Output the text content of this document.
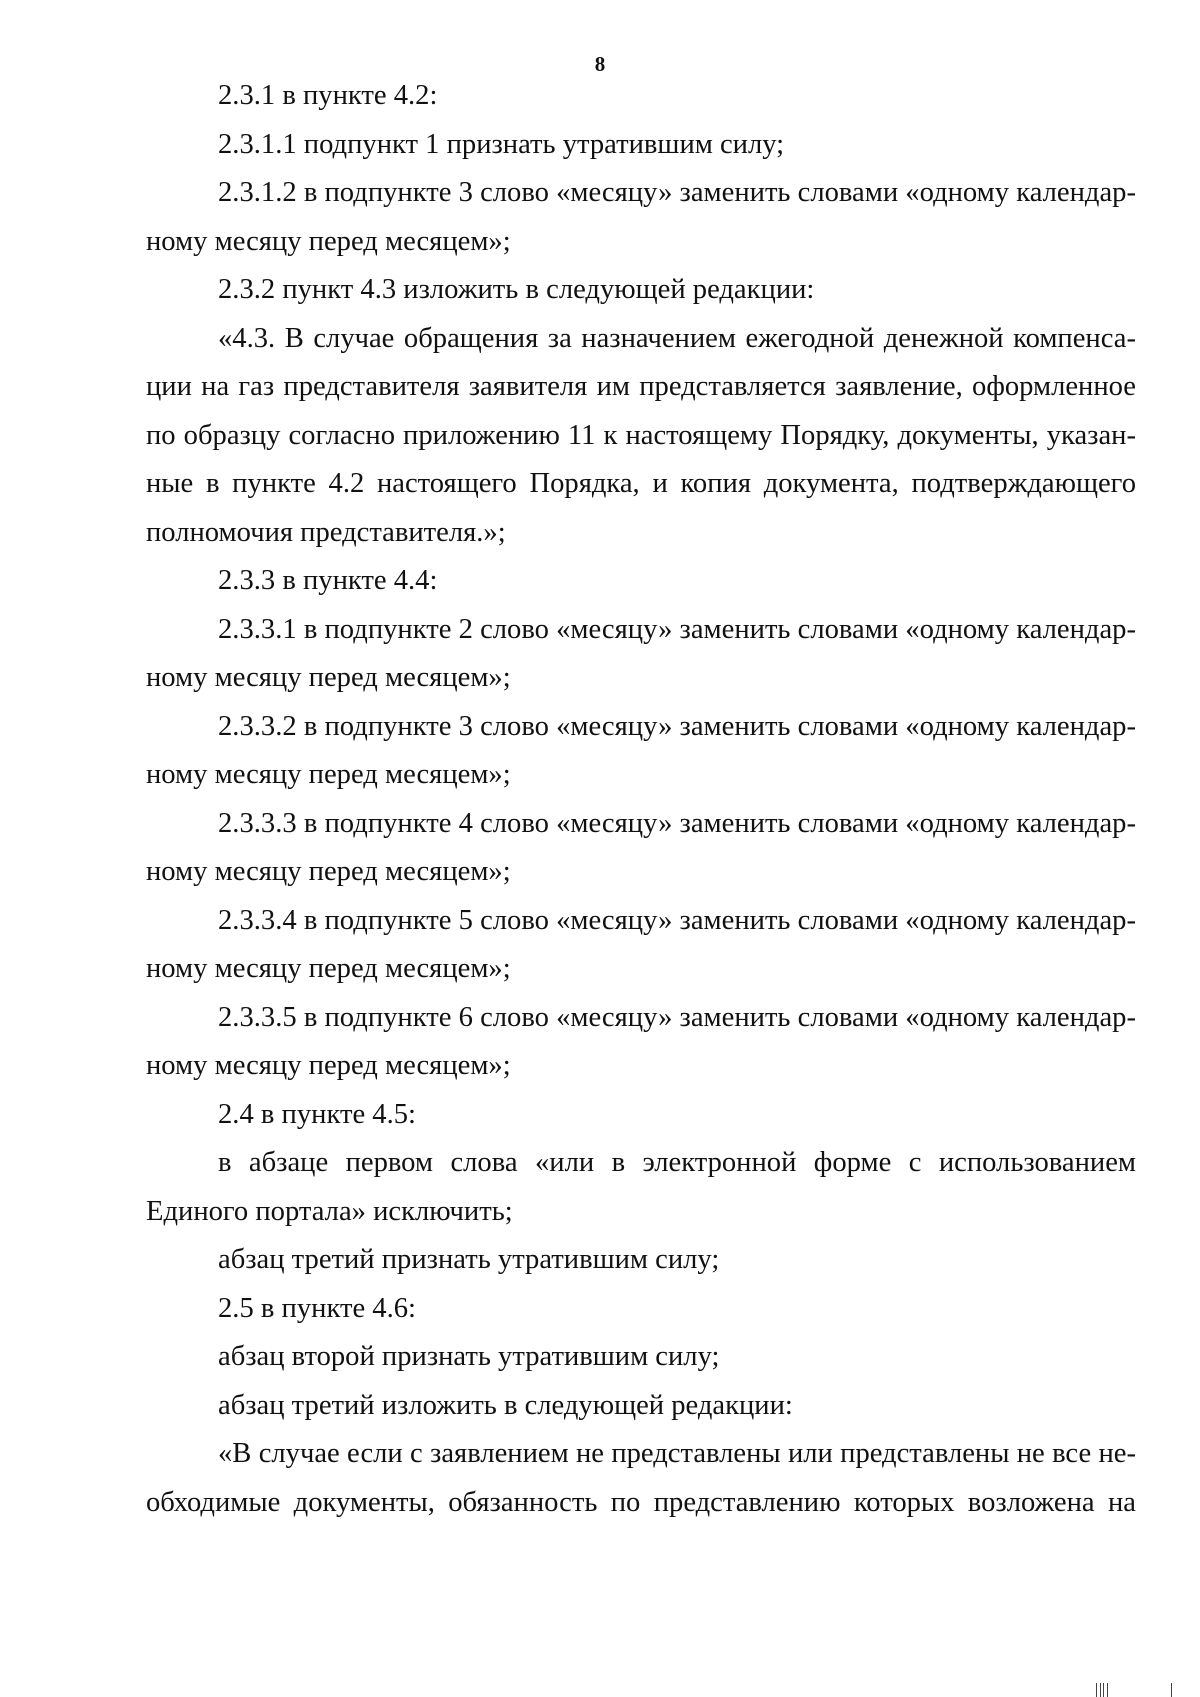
8

2.3.1 в пункте 4.2:

2.3.1.1 подпункт 1 признать утратившим силу;

2.3.1.2 в подпункте 3 слово «месяцу» заменить словами «одному календарному месяцу перед месяцем»;

2.3.2 пункт 4.3 изложить в следующей редакции:

«4.3. В случае обращения за назначением ежегодной денежной компенсации на газ представителя заявителя им представляется заявление, оформленное по образцу согласно приложению 11 к настоящему Порядку, документы, указанные в пункте 4.2 настоящего Порядка, и копия документа, подтверждающего полномочия представителя.»;

2.3.3 в пункте 4.4:

2.3.3.1 в подпункте 2 слово «месяцу» заменить словами «одному календарному месяцу перед месяцем»;

2.3.3.2 в подпункте 3 слово «месяцу» заменить словами «одному календарному месяцу перед месяцем»;

2.3.3.3 в подпункте 4 слово «месяцу» заменить словами «одному календарному месяцу перед месяцем»;

2.3.3.4 в подпункте 5 слово «месяцу» заменить словами «одному календарному месяцу перед месяцем»;

2.3.3.5 в подпункте 6 слово «месяцу» заменить словами «одному календарному месяцу перед месяцем»;

2.4 в пункте 4.5:

в абзаце первом слова «или в электронной форме с использованием Единого портала» исключить;

абзац третий признать утратившим силу;

2.5 в пункте 4.6:

абзац второй признать утратившим силу;

абзац третий изложить в следующей редакции:

«В случае если с заявлением не представлены или представлены не все необходимые документы, обязанность по представлению которых возложена на
